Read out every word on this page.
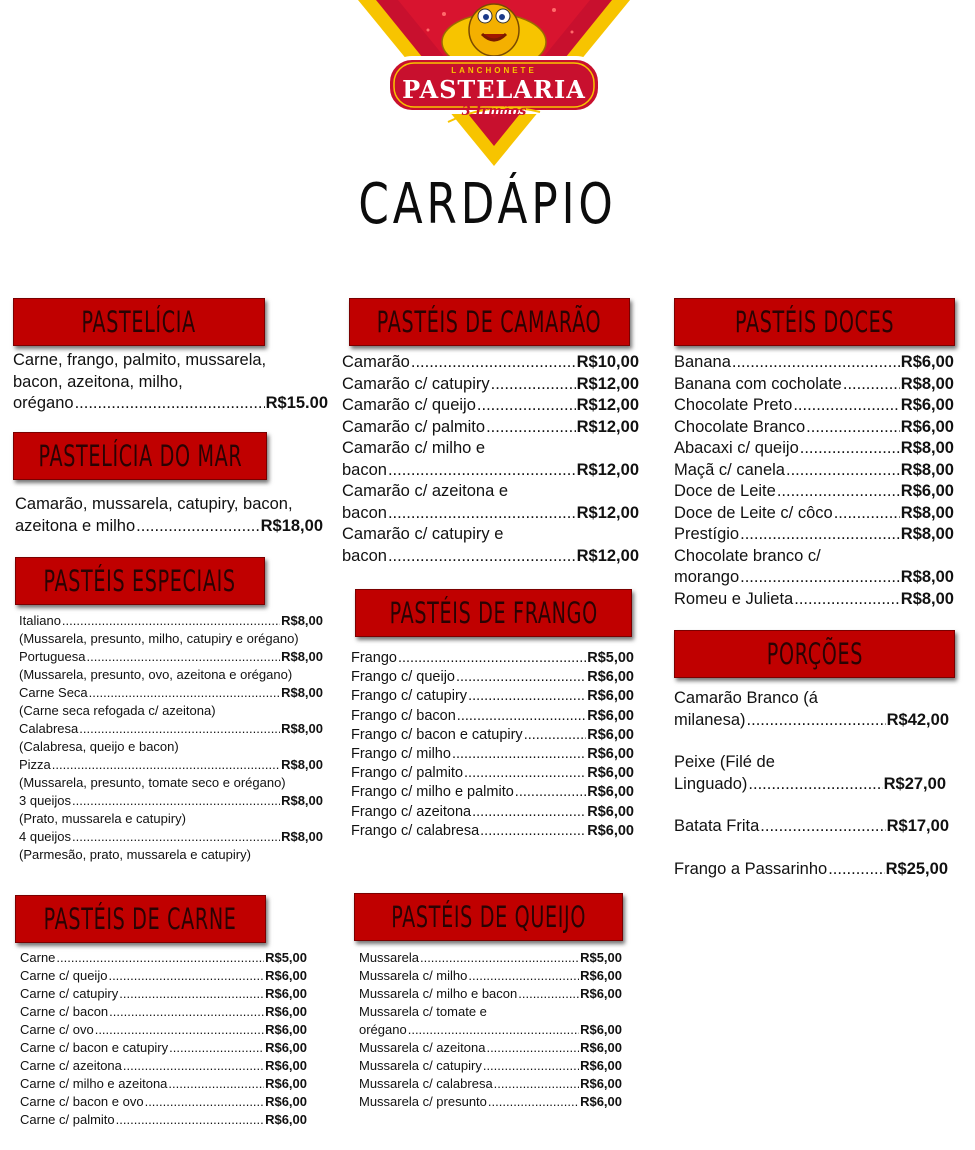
LANCHONETE
PASTELARIA
3 Irmãos
CARDÁPIO
PASTELÍCIA
Carne, frango, palmito, mussarela,
bacon, azeitona, milho,
orégano .....	R$15.00
PASTELÍCIA DO MAR
Camarão, mussarela, catupiry, bacon,
azeitona e milho .....	R$18,00
PASTÉIS ESPECIAIS
Italiano .....	R$8,00
(Mussarela, presunto, milho, catupiry e orégano)
Portuguesa .....	R$8,00
(Mussarela, presunto, ovo, azeitona e orégano)
Carne Seca .....	R$8,00
(Carne seca refogada c/ azeitona)
Calabresa .....	R$8,00
(Calabresa, queijo e bacon)
Pizza .....	R$8,00
(Mussarela, presunto, tomate seco e orégano)
3 queijos .....	R$8,00
(Prato, mussarela e catupiry)
4 queijos .....	R$8,00
(Parmesão, prato, mussarela e catupiry)
PASTÉIS DE CARNE
Carne .....	R$5,00
Carne c/ queijo .....	R$6,00
Carne c/ catupiry .....	R$6,00
Carne c/ bacon .....	R$6,00
Carne c/ ovo .....	R$6,00
Carne c/ bacon e catupiry .....	R$6,00
Carne c/ azeitona .....	R$6,00
Carne c/ milho e azeitona .....	R$6,00
Carne c/ bacon e ovo .....	R$6,00
Carne c/ palmito .....	R$6,00
PASTÉIS DE CAMARÃO
Camarão .....	R$10,00
Camarão c/ catupiry .....	R$12,00
Camarão c/ queijo .....	R$12,00
Camarão c/ palmito .....	R$12,00
Camarão c/ milho e
bacon .....	R$12,00
Camarão c/ azeitona e
bacon .....	R$12,00
Camarão c/ catupiry e
bacon .....	R$12,00
PASTÉIS DE FRANGO
Frango .....	R$5,00
Frango c/ queijo .....	R$6,00
Frango c/ catupiry .....	R$6,00
Frango c/ bacon .....	R$6,00
Frango c/ bacon e catupiry .....	R$6,00
Frango c/ milho .....	R$6,00
Frango c/ palmito .....	R$6,00
Frango c/ milho e palmito .....	R$6,00
Frango c/ azeitona .....	R$6,00
Frango c/ calabresa .....	R$6,00
PASTÉIS DE QUEIJO
Mussarela .....	R$5,00
Mussarela c/ milho .....	R$6,00
Mussarela c/ milho e bacon .....	R$6,00
Mussarela c/ tomate e
orégano .....	R$6,00
Mussarela c/ azeitona .....	R$6,00
Mussarela c/ catupiry .....	R$6,00
Mussarela c/ calabresa .....	R$6,00
Mussarela c/ presunto .....	R$6,00
PASTÉIS DOCES
Banana .....	R$6,00
Banana com cocholate .....	R$8,00
Chocolate Preto .....	R$6,00
Chocolate Branco .....	R$6,00
Abacaxi c/ queijo .....	R$8,00
Maçã c/ canela .....	R$8,00
Doce de Leite .....	R$6,00
Doce de Leite c/ côco .....	R$8,00
Prestígio .....	R$8,00
Chocolate branco c/
morango .....	R$8,00
Romeu e Julieta .....	R$8,00
PORÇÕES
Camarão Branco (á
milanesa) .....	R$42,00
Peixe (Filé de
Linguado) .....	R$27,00
Batata Frita .....	R$17,00
Frango a Passarinho .....	R$25,00
